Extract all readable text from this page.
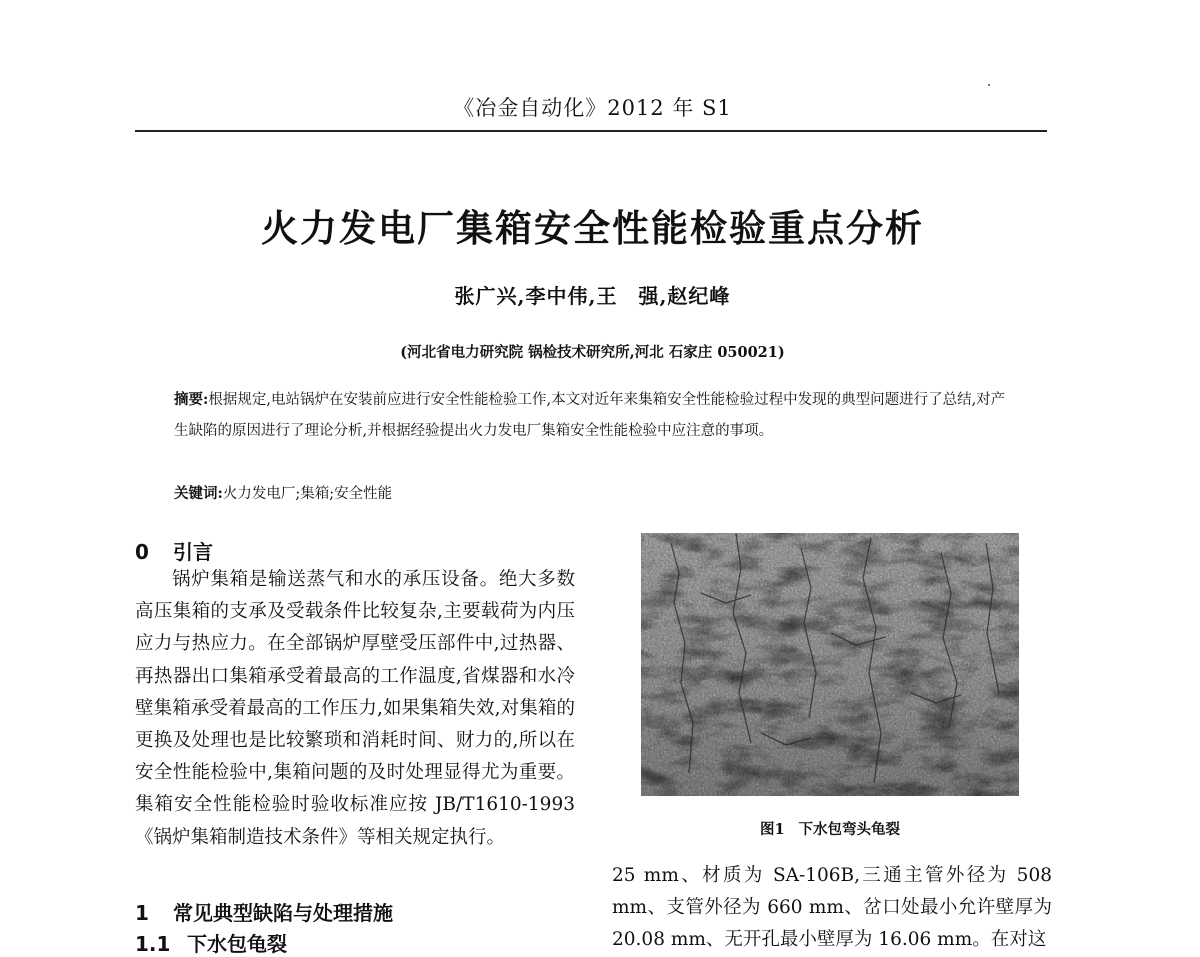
《冶金自动化》2012 年 S1
火力发电厂集箱安全性能检验重点分析
张广兴,李中伟,王　强,赵纪峰
(河北省电力研究院 锅检技术研究所,河北 石家庄 050021)
摘要:根据规定,电站锅炉在安装前应进行安全性能检验工作,本文对近年来集箱安全性能检验过程中发现的典型问题进行了总结,对产生缺陷的原因进行了理论分析,并根据经验提出火力发电厂集箱安全性能检验中应注意的事项。
关键词:火力发电厂;集箱;安全性能
0 引言
锅炉集箱是输送蒸气和水的承压设备。绝大多数高压集箱的支承及受载条件比较复杂,主要载荷为内压应力与热应力。在全部锅炉厚壁受压部件中,过热器、再热器出口集箱承受着最高的工作温度,省煤器和水冷壁集箱承受着最高的工作压力,如果集箱失效,对集箱的更换及处理也是比较繁琐和消耗时间、财力的,所以在安全性能检验中,集箱问题的及时处理显得尤为重要。集箱安全性能检验时验收标准应按 JB/T1610-1993《锅炉集箱制造技术条件》等相关规定执行。
1 常见典型缺陷与处理措施
1.1 下水包龟裂
图1 下水包弯头龟裂
25 mm、材质为 SA-106B,三通主管外径为 508 mm、支管外径为 660 mm、岔口处最小允许壁厚为 20.08 mm、无开孔最小壁厚为 16.06 mm。在对这
